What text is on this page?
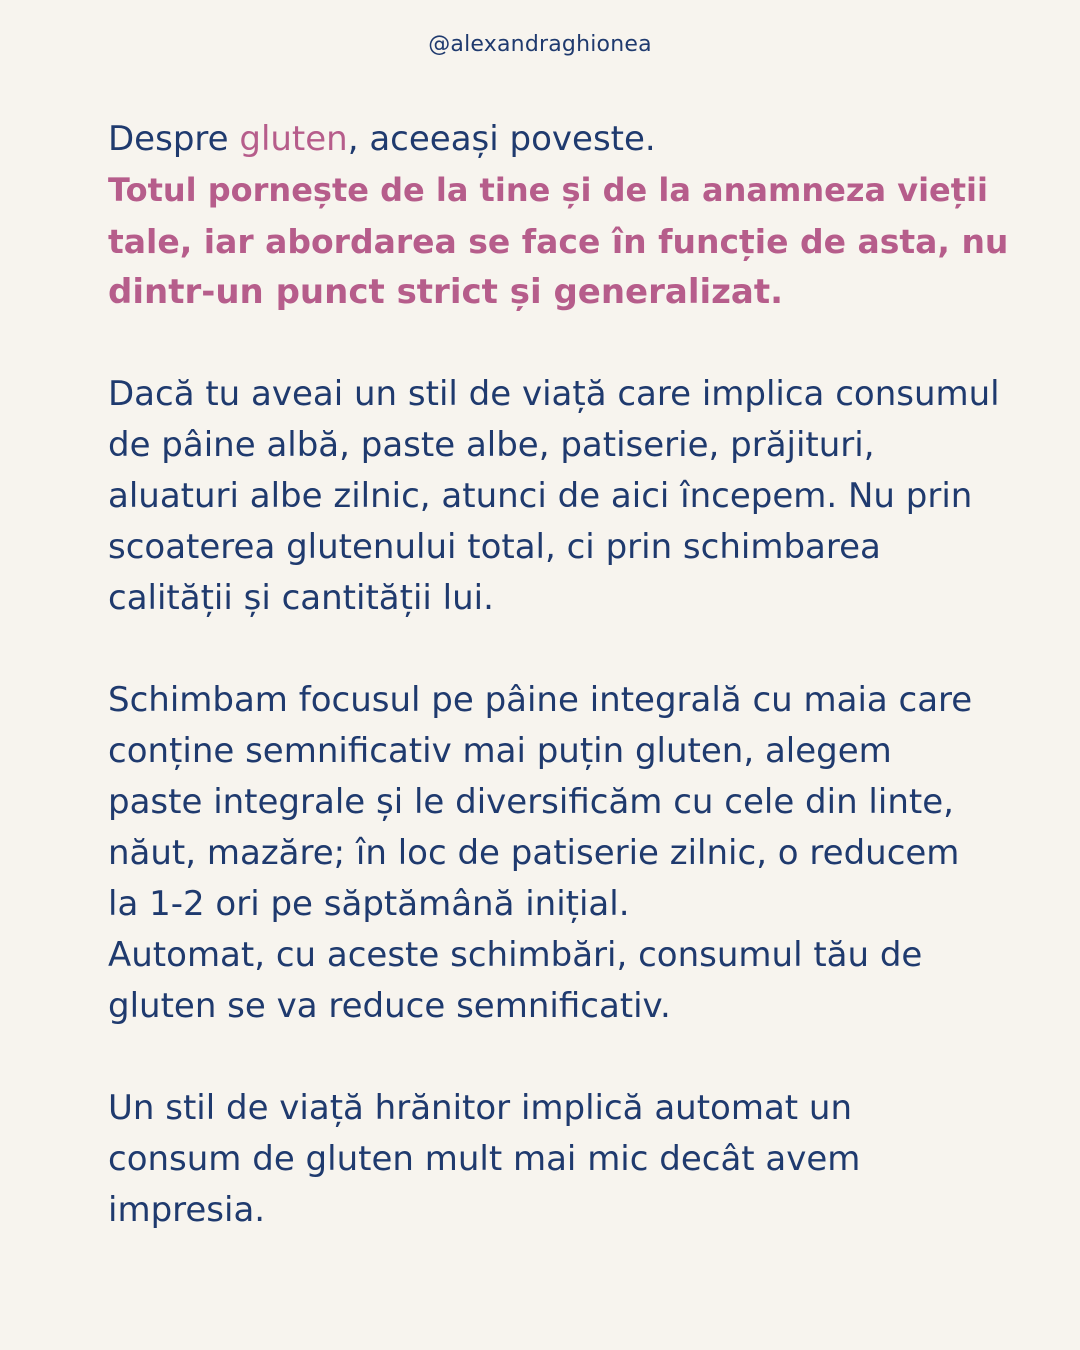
@alexandraghionea
Despre gluten, aceeași poveste.
Totul pornește de la tine și de la anamneza vieții
tale, iar abordarea se face în funcție de asta, nu
dintr-un punct strict și generalizat.
Dacă tu aveai un stil de viață care implica consumul
de pâine albă, paste albe, patiserie, prăjituri,
aluaturi albe zilnic, atunci de aici începem. Nu prin
scoaterea glutenului total, ci prin schimbarea
calității și cantității lui.
Schimbam focusul pe pâine integrală cu maia care
conține semnificativ mai puțin gluten, alegem
paste integrale și le diversificăm cu cele din linte,
năut, mazăre; în loc de patiserie zilnic, o reducem
la 1-2 ori pe săptămână inițial.
Automat, cu aceste schimbări, consumul tău de
gluten se va reduce semnificativ.
Un stil de viață hrănitor implică automat un
consum de gluten mult mai mic decât avem
impresia.
